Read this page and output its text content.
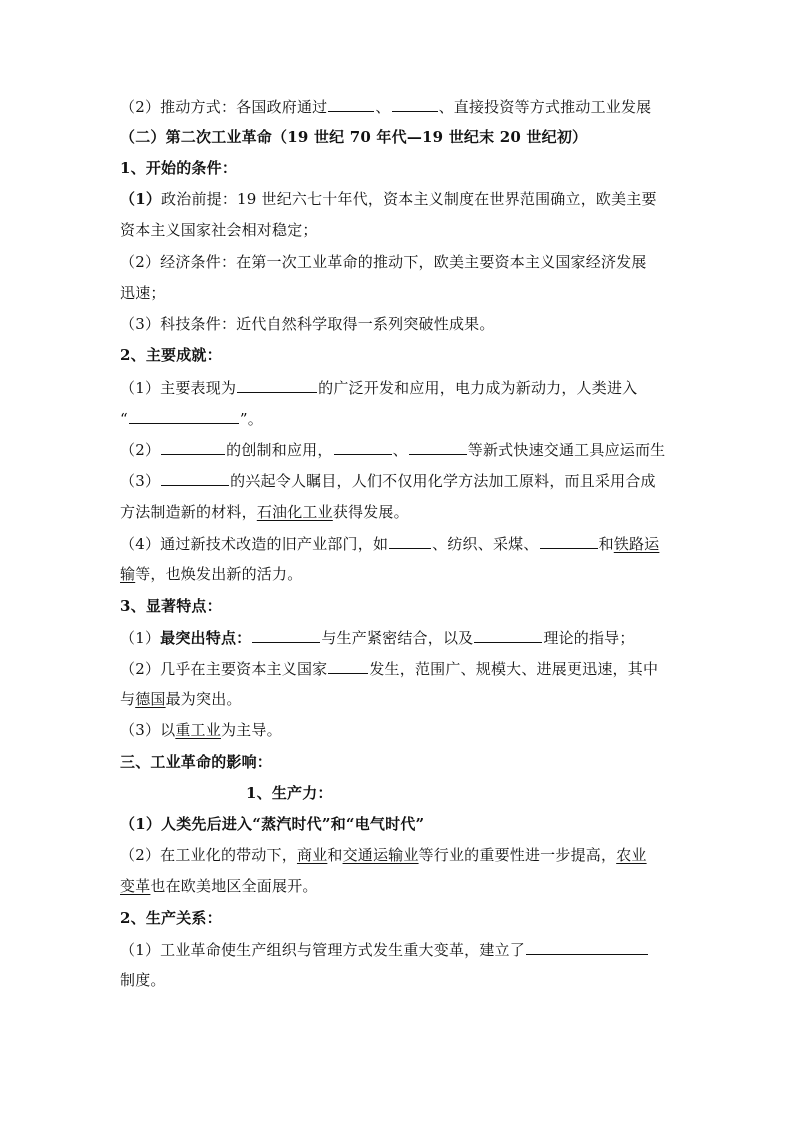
（2）推动方式：各国政府通过	、	、直接投资等方式推动工业发展
（二）第二次工业革命（19 世纪 70 年代—19 世纪末 20 世纪初）
1、开始的条件：
（1）政治前提：19 世纪六七十年代，资本主义制度在世界范围确立，欧美主要
资本主义国家社会相对稳定；
（2）经济条件：在第一次工业革命的推动下，欧美主要资本主义国家经济发展
迅速；
（3）科技条件：近代自然科学取得一系列突破性成果。
2、主要成就：
（1）主要表现为	的广泛开发和应用，电力成为新动力，人类进入
“	”。
（2）	的创制和应用，	、	等新式快速交通工具应运而生
（3）	的兴起令人瞩目，人们不仅用化学方法加工原料，而且采用合成
方法制造新的材料，石油化工业获得发展。
（4）通过新技术改造的旧产业部门，如	、纺织、采煤、	和铁路运
输等，也焕发出新的活力。
3、显著特点：
（1）最突出特点：	与生产紧密结合，以及	理论的指导；
（2）几乎在主要资本主义国家	发生，范围广、规模大、进展更迅速，其中
与德国最为突出。
（3）以重工业为主导。
三、工业革命的影响：
1、生产力：
（1）人类先后进入“蒸汽时代”和“电气时代”
（2）在工业化的带动下，商业和交通运输业等行业的重要性进一步提高，农业
变革也在欧美地区全面展开。
2、生产关系：
（1）工业革命使生产组织与管理方式发生重大变革，建立了
制度。
